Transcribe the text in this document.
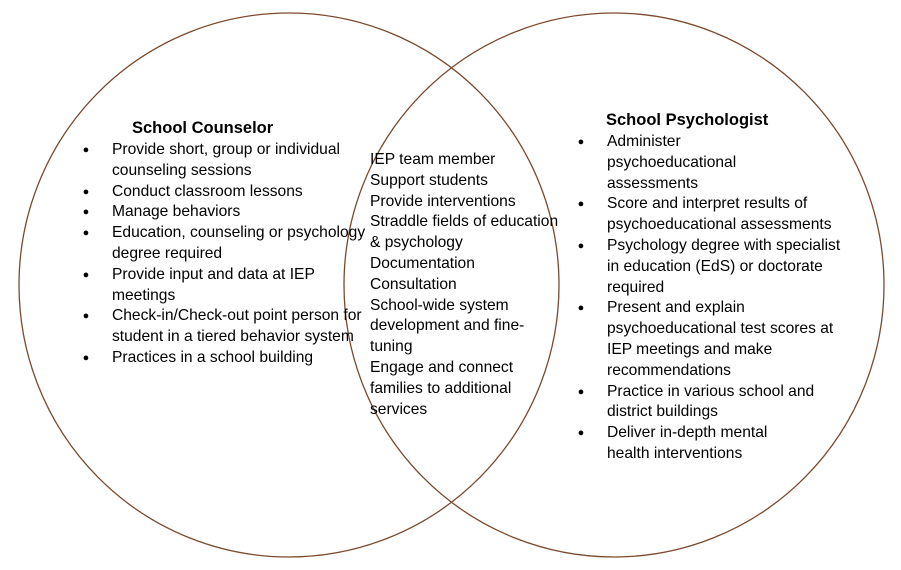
School Counselor
● Provide short, group or individual counseling sessions
● Conduct classroom lessons
● Manage behaviors
● Education, counseling or psychology degree required
● Provide input and data at IEP meetings
● Check-in/Check-out point person for student in a tiered behavior system
● Practices in a school building
IEP team member
Support students
Provide interventions
Straddle fields of education & psychology
Documentation
Consultation
School-wide system development and fine-tuning
Engage and connect families to additional services
School Psychologist
● Administer psychoeducational assessments
● Score and interpret results of psychoeducational assessments
● Psychology degree with specialist in education (EdS) or doctorate required
● Present and explain psychoeducational test scores at IEP meetings and make recommendations
● Practice in various school and district buildings
● Deliver in-depth mental health interventions
